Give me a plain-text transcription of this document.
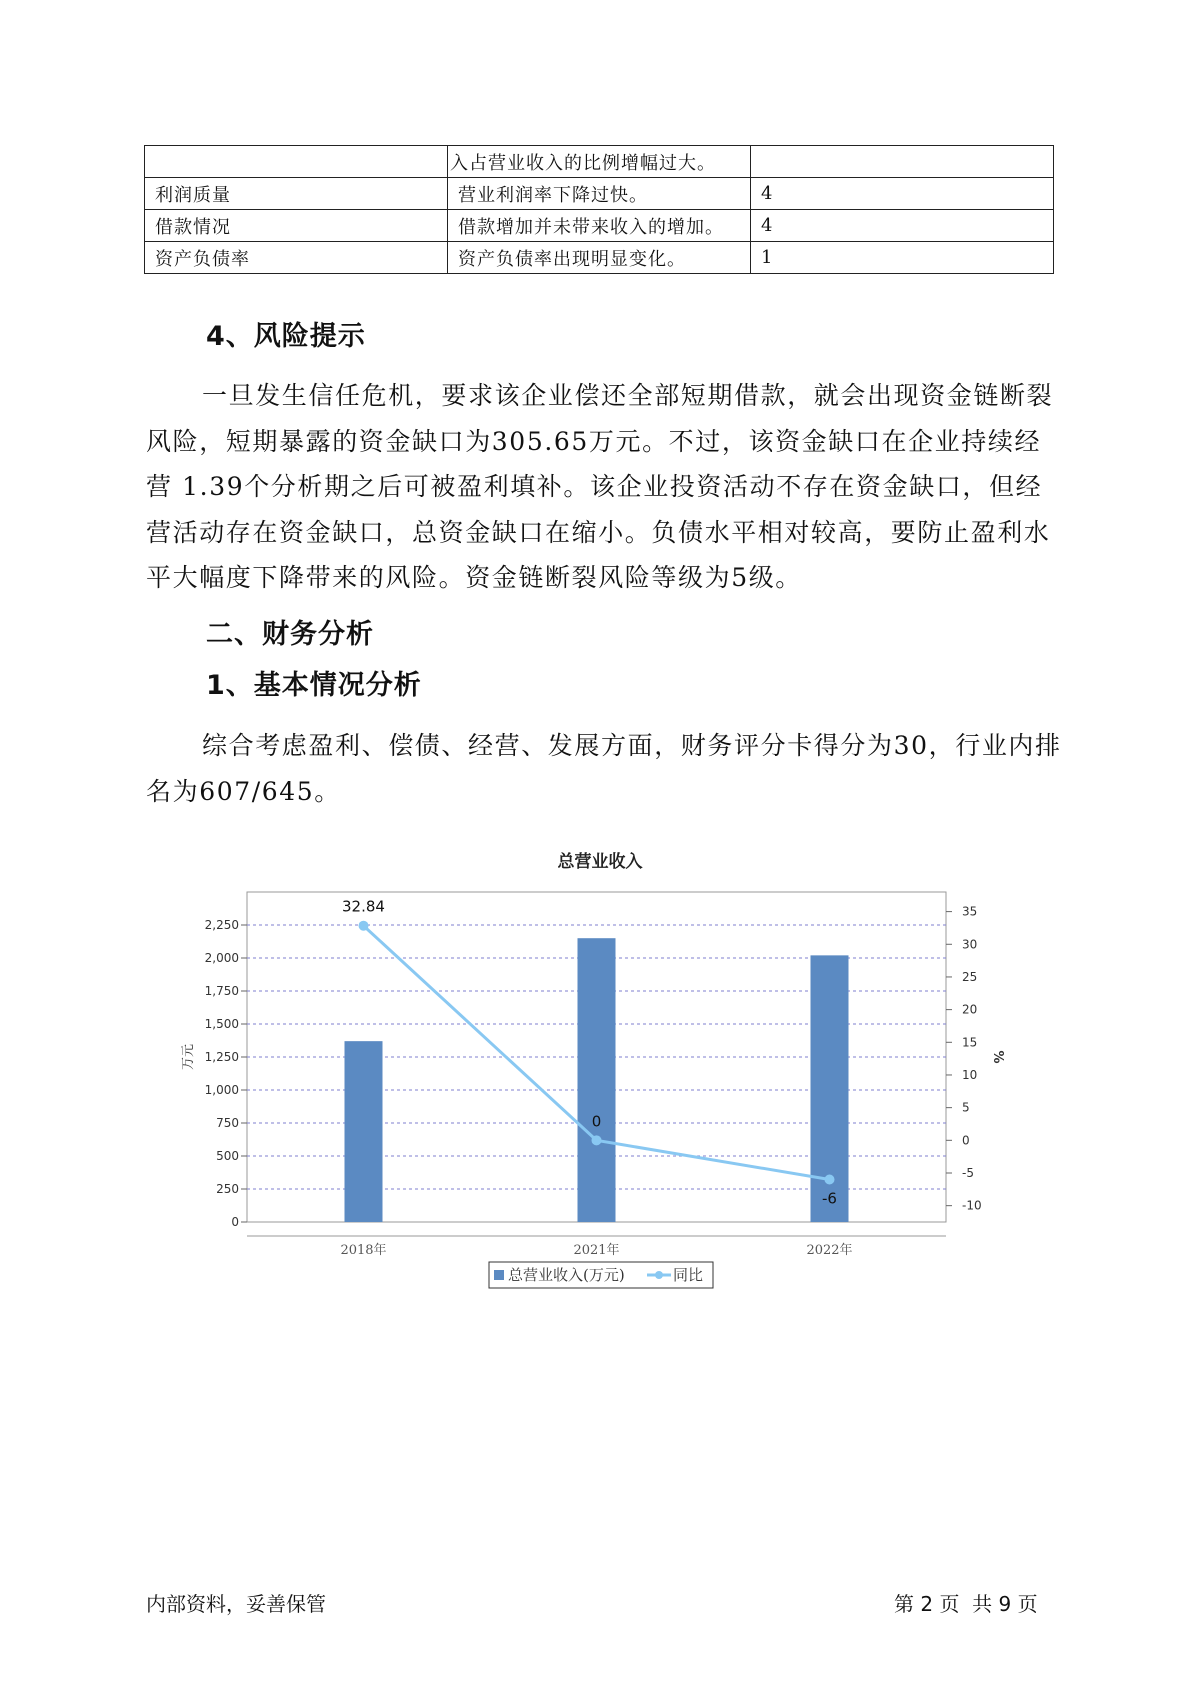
	入占营业收入的比例增幅过大。	
利润质量	营业利润率下降过快。	4
借款情况	借款增加并未带来收入的增加。	4
资产负债率	资产负债率出现明显变化。	1
4、风险提示

一旦发生信任危机，要求该企业偿还全部短期借款，就会出现资金链断裂风险，短期暴露的资金缺口为305.65万元。不过，该资金缺口在企业持续经营 1.39个分析期之后可被盈利填补。该企业投资活动不存在资金缺口，但经营活动存在资金缺口，总资金缺口在缩小。负债水平相对较高，要防止盈利水平大幅度下降带来的风险。资金链断裂风险等级为5级。

二、财务分析
1、基本情况分析

综合考虑盈利、偿债、经营、发展方面，财务评分卡得分为30，行业内排名为607/645。

总营业收入
0
250
500
750
1,000
1,250
1,500
1,750
2,000
2,250
-10
-5
0
5
10
15
20
25
30
35
万元	%
2018年	2021年	2022年
32.84
0
-6
总营业收入(万元)	同比
内部资料，妥善保管	第 2 页  共 9 页
